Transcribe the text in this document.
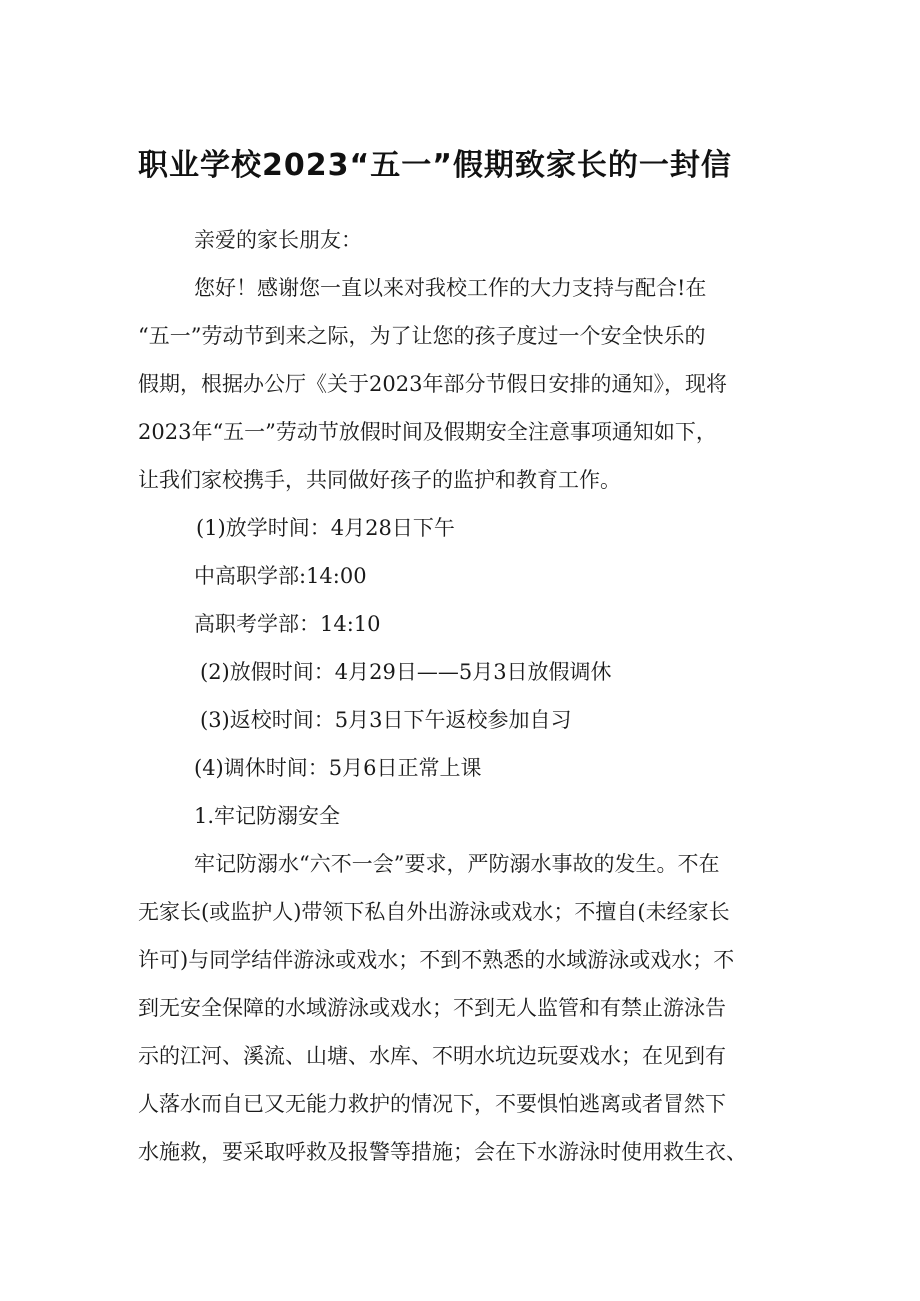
职业学校2023“五一”假期致家长的一封信
亲爱的家长朋友：
您好！感谢您一直以来对我校工作的大力支持与配合!在
“五一”劳动节到来之际，为了让您的孩子度过一个安全快乐的
假期，根据办公厅《关于2023年部分节假日安排的通知》，现将
2023年“五一”劳动节放假时间及假期安全注意事项通知如下，
让我们家校携手，共同做好孩子的监护和教育工作。
(1)放学时间：4月28日下午
中高职学部:14:00
高职考学部：14:10
(2)放假时间：4月29日——5月3日放假调休
(3)返校时间：5月3日下午返校参加自习
(4)调休时间：5月6日正常上课
1.牢记防溺安全
牢记防溺水“六不一会”要求，严防溺水事故的发生。不在
无家长(或监护人)带领下私自外出游泳或戏水；不擅自(未经家长
许可)与同学结伴游泳或戏水；不到不熟悉的水域游泳或戏水；不
到无安全保障的水域游泳或戏水；不到无人监管和有禁止游泳告
示的江河、溪流、山塘、水库、不明水坑边玩耍戏水；在见到有
人落水而自已又无能力救护的情况下，不要惧怕逃离或者冒然下
水施救，要采取呼救及报警等措施；会在下水游泳时使用救生衣、
